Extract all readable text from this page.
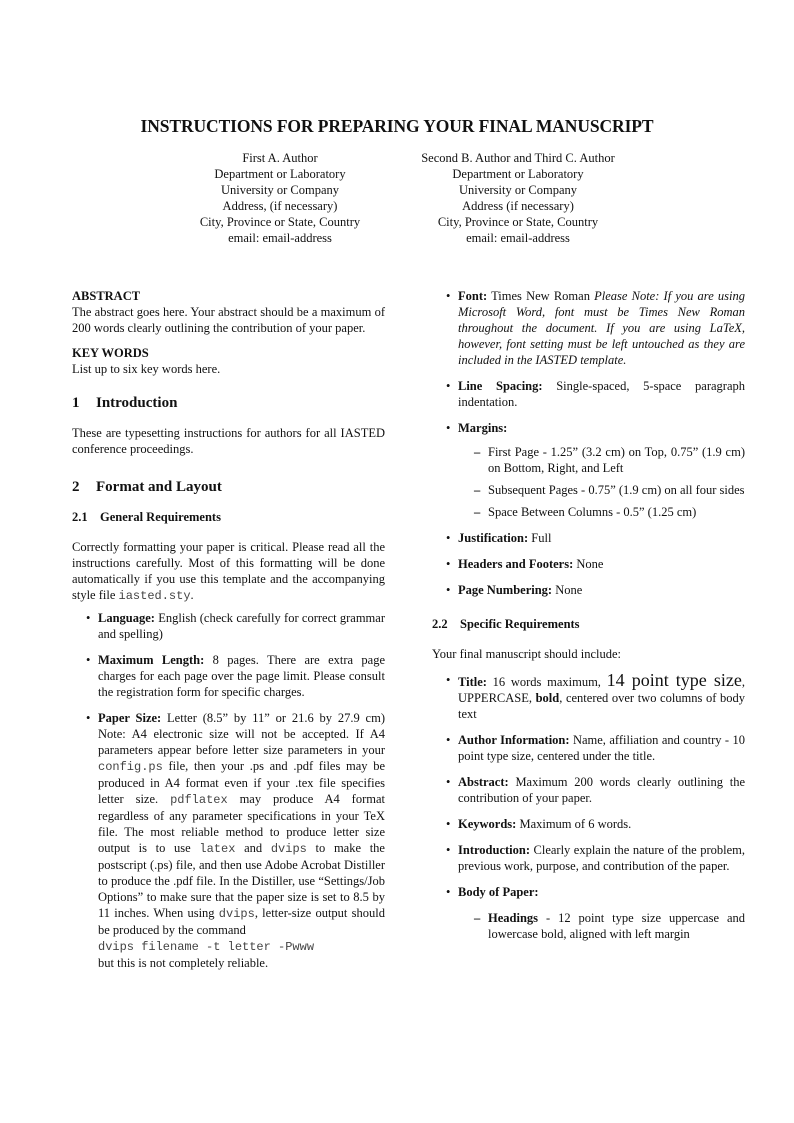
INSTRUCTIONS FOR PREPARING YOUR FINAL MANUSCRIPT
First A. Author
Department or Laboratory
University or Company
Address, (if necessary)
City, Province or State, Country
email: email-address
Second B. Author and Third C. Author
Department or Laboratory
University or Company
Address (if necessary)
City, Province or State, Country
email: email-address
ABSTRACT

The abstract goes here. Your abstract should be a maximum of 200 words clearly outlining the contribution of your paper.

KEY WORDS

List up to six key words here.

1 Introduction

These are typesetting instructions for authors for all IASTED conference proceedings.

2 Format and Layout
2.1 General Requirements

Correctly formatting your paper is critical. Please read all the instructions carefully. Most of this formatting will be done automatically if you use this template and the accompanying style file iasted.sty.

• Language: English (check carefully for correct grammar and spelling)
• Maximum Length: 8 pages. There are extra page charges for each page over the page limit. Please consult the registration form for specific charges.
• Paper Size: Letter (8.5” by 11” or 21.6 by 27.9 cm) Note: A4 electronic size will not be accepted. If A4 parameters appear before letter size parameters in your config.ps file, then your .ps and .pdf files may be produced in A4 format even if your .tex file specifies letter size. pdflatex may produce A4 format regardless of any parameter specifications in your TeX file. The most reliable method to produce letter size output is to use latex and dvips to make the postscript (.ps) file, and then use Adobe Acrobat Distiller to produce the .pdf file. In the Distiller, use “Settings/Job Options” to make sure that the paper size is set to 8.5 by 11 inches. When using dvips, letter-size output should be produced by the command
dvips filename -t letter -Pwww
but this is not completely reliable.
• Font: Times New Roman Please Note: If you are using Microsoft Word, font must be Times New Roman throughout the document. If you are using LaTeX, however, font setting must be left untouched as they are included in the IASTED template.
• Line Spacing: Single-spaced, 5-space paragraph indentation.
• Margins:
– First Page - 1.25” (3.2 cm) on Top, 0.75” (1.9 cm) on Bottom, Right, and Left
– Subsequent Pages - 0.75” (1.9 cm) on all four sides
– Space Between Columns - 0.5” (1.25 cm)
• Justification: Full
• Headers and Footers: None
• Page Numbering: None
2.2 Specific Requirements

Your final manuscript should include:

• Title: 16 words maximum, 14 point type size, UPPERCASE, bold, centered over two columns of body text
• Author Information: Name, affiliation and country - 10 point type size, centered under the title.
• Abstract: Maximum 200 words clearly outlining the contribution of your paper.
• Keywords: Maximum of 6 words.
• Introduction: Clearly explain the nature of the problem, previous work, purpose, and contribution of the paper.
• Body of Paper:
– Headings - 12 point type size uppercase and lowercase bold, aligned with left margin
